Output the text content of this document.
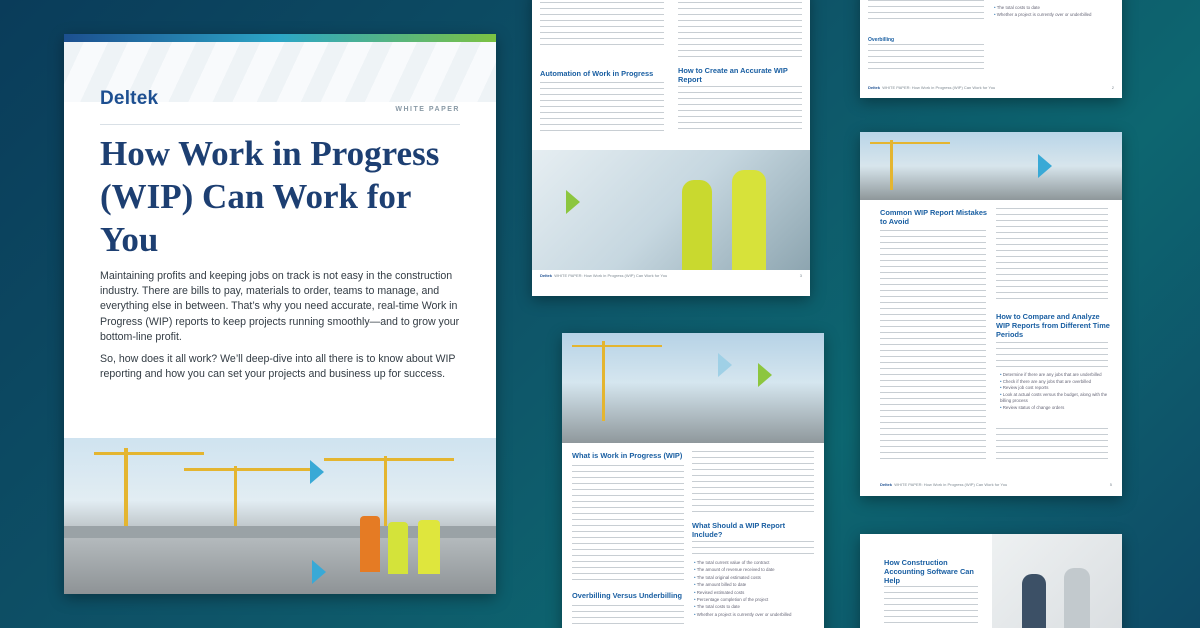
Deltek
WHITE PAPER
How Work in Progress (WIP) Can Work for You

Maintaining profits and keeping jobs on track is not easy in the construction industry. There are bills to pay, materials to order, teams to manage, and everything else in between. That’s why you need accurate, real-time Work in Progress (WIP) reports to keep projects running smoothly—and to grow your bottom-line profit.

So, how does it all work? We’ll deep-dive into all there is to know about WIP reporting and how you can set your projects and business up for success.

Automation of Work in Progress	How to Create an Accurate WIP Report
Deltek WHITE PAPER: How Work in Progress (WIP) Can Work for You	3
What is Work in Progress (WIP)
Overbilling Versus Underbilling
What Should a WIP Report Include?
• The total current value of the contract
• The amount of revenue received to date
• The total original estimated costs
• The amount billed to date
• Revised estimated costs
• Percentage completion of the project
• The total costs to date
• Whether a project is currently over or underbilled
Overbilling
• The total costs to date
• Whether a project is currently over or underbilled
Deltek WHITE PAPER: How Work in Progress (WIP) Can Work for You	2
Common WIP Report Mistakes to Avoid
How to Compare and Analyze WIP Reports from Different Time Periods
• Determine if there are any jobs that are underbilled
• Check if there are any jobs that are overbilled
• Review job cost reports
• Look at actual costs versus the budget, along with the billing process
• Review status of change orders
Deltek WHITE PAPER: How Work in Progress (WIP) Can Work for You	5
How Construction Accounting Software Can Help
